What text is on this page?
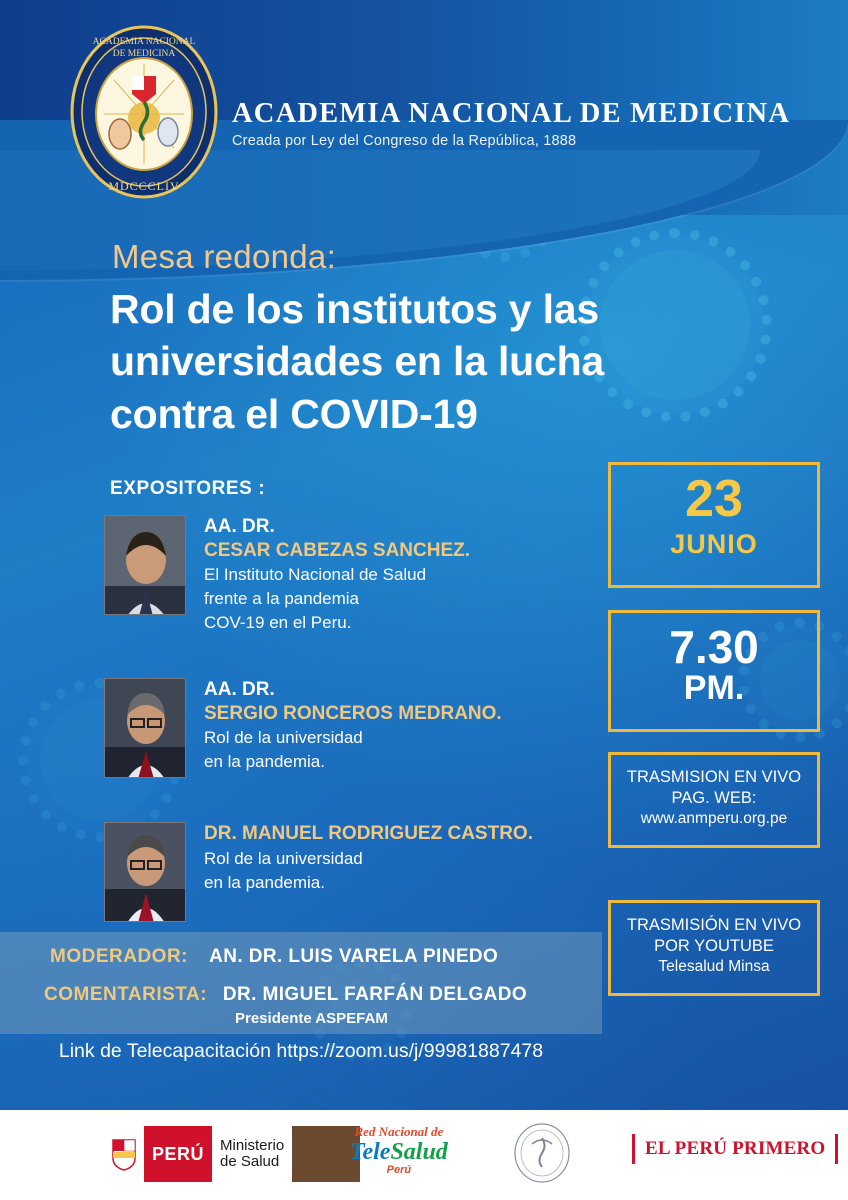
ACADEMIA NACIONAL
DE MEDICINA
MDCCCLIV
ACADEMIA NACIONAL DE MEDICINA
Creada por Ley del Congreso de la República, 1888
Mesa redonda:
Rol de los institutos y las
universidades en la lucha
contra el COVID-19
EXPOSITORES :
AA. DR.
CESAR CABEZAS SANCHEZ.
El Instituto Nacional de Salud
frente a la pandemia
COV-19 en el Peru.
AA. DR.
SERGIO RONCEROS MEDRANO.
Rol de la universidad
en la pandemia.
DR. MANUEL RODRIGUEZ CASTRO.
Rol de la universidad
en la pandemia.
23
JUNIO
7.30
PM.
TRASMISION EN VIVO
PAG. WEB:
www.anmperu.org.pe
TRASMISIÓN EN VIVO
POR YOUTUBE
Telesalud Minsa
MODERADOR: AN. DR. LUIS VARELA PINEDO
COMENTARISTA: DR. MIGUEL FARFÁN DELGADO
Presidente ASPEFAM
Link de Telecapacitación https://zoom.us/j/99981887478
PERÚ	Ministerio
de Salud
Red Nacional de
TeleSalud
Perú
EL PERÚ PRIMERO
